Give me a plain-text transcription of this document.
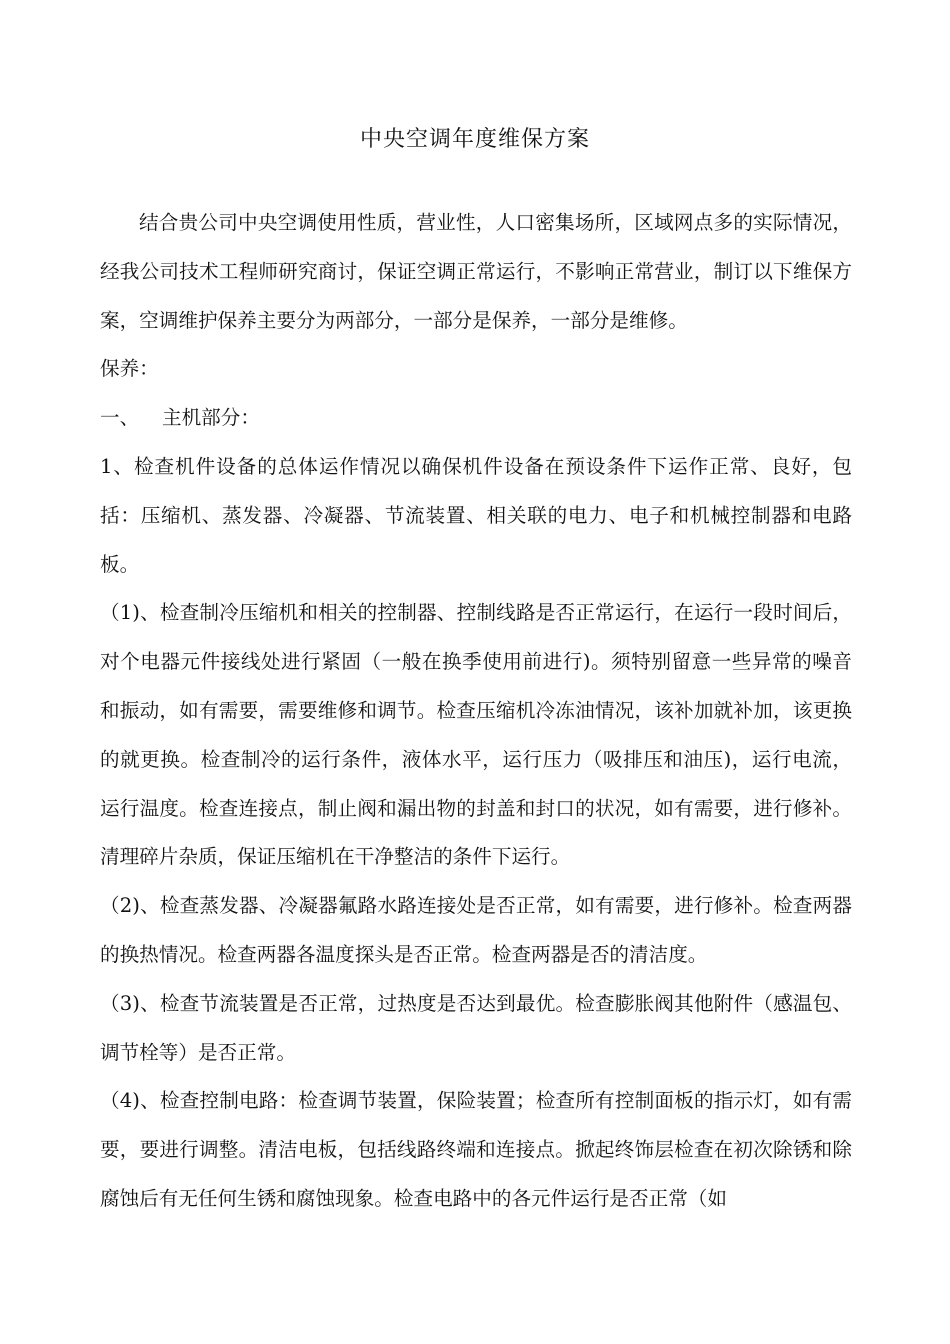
中央空调年度维保方案

结合贵公司中央空调使用性质，营业性，人口密集场所，区域网点多的实际情况，经我公司技术工程师研究商讨，保证空调正常运行，不影响正常营业，制订以下维保方案，空调维护保养主要分为两部分，一部分是保养，一部分是维修。

保养：

一、 主机部分：

1、检查机件设备的总体运作情况以确保机件设备在预设条件下运作正常、良好，包括：压缩机、蒸发器、冷凝器、节流装置、相关联的电力、电子和机械控制器和电路板。

（1)、检查制冷压缩机和相关的控制器、控制线路是否正常运行，在运行一段时间后，对个电器元件接线处进行紧固（一般在换季使用前进行)。须特别留意一些异常的噪音和振动，如有需要，需要维修和调节。检查压缩机冷冻油情况，该补加就补加，该更换的就更换。检查制冷的运行条件，液体水平，运行压力（吸排压和油压)，运行电流，运行温度。检查连接点，制止阀和漏出物的封盖和封口的状况，如有需要，进行修补。清理碎片杂质，保证压缩机在干净整洁的条件下运行。

（2)、检查蒸发器、冷凝器氟路水路连接处是否正常，如有需要，进行修补。检查两器的换热情况。检查两器各温度探头是否正常。检查两器是否的清洁度。

（3)、检查节流装置是否正常，过热度是否达到最优。检查膨胀阀其他附件（感温包、调节栓等）是否正常。

（4)、检查控制电路：检查调节装置，保险装置；检查所有控制面板的指示灯，如有需要，要进行调整。清洁电板，包括线路终端和连接点。掀起终饰层检查在初次除锈和除腐蚀后有无任何生锈和腐蚀现象。检查电路中的各元件运行是否正常（如
